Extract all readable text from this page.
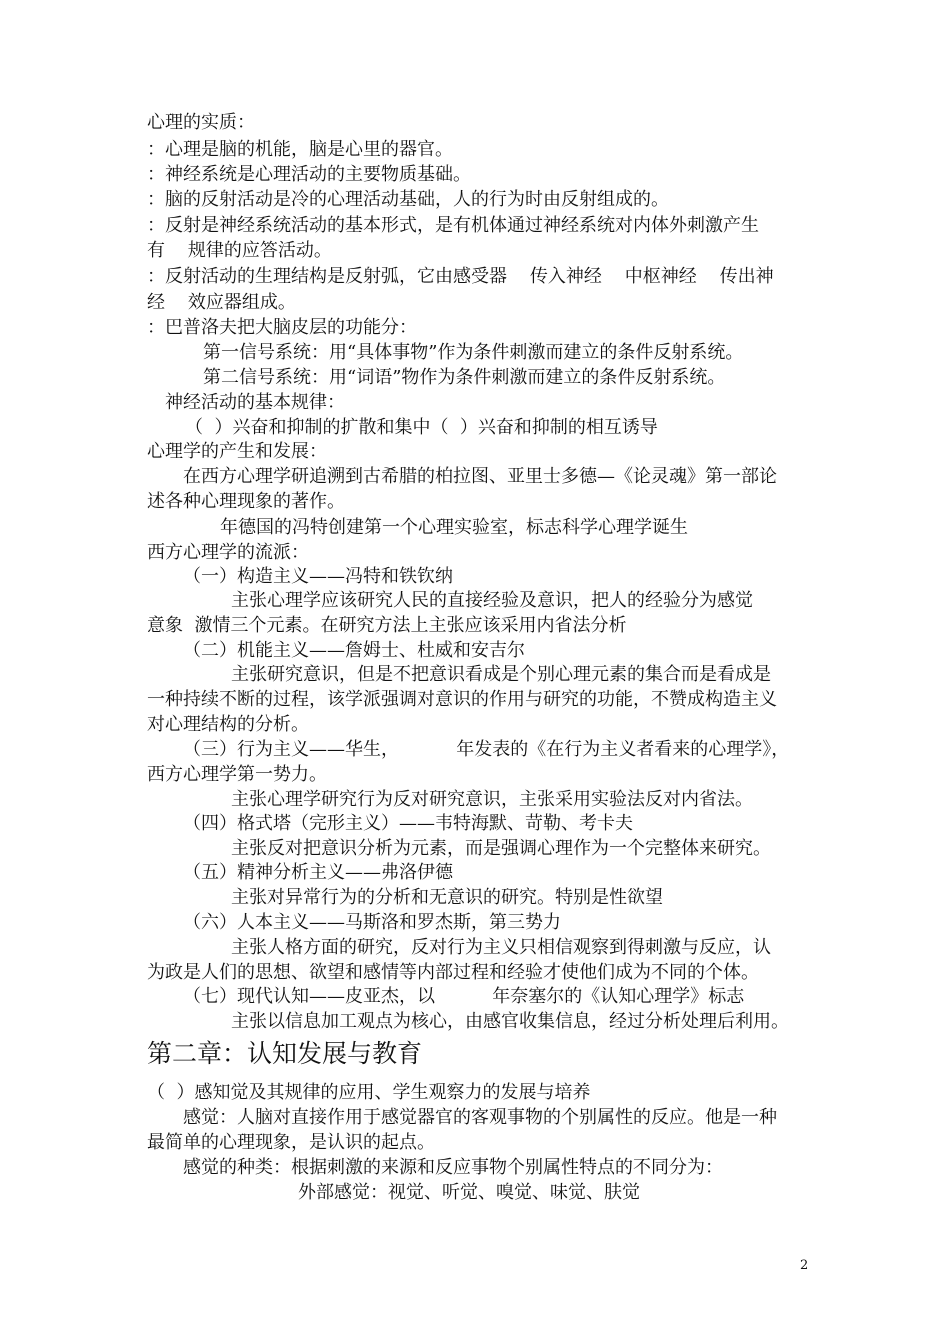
心理的实质：
：心理是脑的机能，脑是心里的器官。
：神经系统是心理活动的主要物质基础。
：脑的反射活动是冷的心理活动基础，人的行为时由反射组成的。
：反射是神经系统活动的基本形式，是有机体通过神经系统对内体外刺激产生
有    规律的应答活动。
：反射活动的生理结构是反射弧，它由感受器    传入神经    中枢神经    传出神
经    效应器组成。
：巴普洛夫把大脑皮层的功能分：
第一信号系统：用“具体事物”作为条件刺激而建立的条件反射系统。
第二信号系统：用“词语”物作为条件刺激而建立的条件反射系统。
神经活动的基本规律：
（  ）兴奋和抑制的扩散和集中（  ）兴奋和抑制的相互诱导
心理学的产生和发展：
在西方心理学研追溯到古希腊的柏拉图、亚里士多德—《论灵魂》第一部论
述各种心理现象的著作。
年德国的冯特创建第一个心理实验室，标志科学心理学诞生
西方心理学的流派：
（一）构造主义——冯特和铁钦纳
主张心理学应该研究人民的直接经验及意识，把人的经验分为感觉
意象  激情三个元素。在研究方法上主张应该采用内省法分析
（二）机能主义——詹姆士、杜威和安吉尔
主张研究意识，但是不把意识看成是个别心理元素的集合而是看成是
一种持续不断的过程，该学派强调对意识的作用与研究的功能，不赞成构造主义
对心理结构的分析。
（三）行为主义——华生，          年发表的《在行为主义者看来的心理学》，
西方心理学第一势力。
主张心理学研究行为反对研究意识，主张采用实验法反对内省法。
（四）格式塔（完形主义）——韦特海默、苛勒、考卡夫
主张反对把意识分析为元素，而是强调心理作为一个完整体来研究。
（五）精神分析主义——弗洛伊德
主张对异常行为的分析和无意识的研究。特别是性欲望
（六）人本主义——马斯洛和罗杰斯，第三势力
主张人格方面的研究，反对行为主义只相信观察到得刺激与反应，认
为政是人们的思想、欲望和感情等内部过程和经验才使他们成为不同的个体。
（七）现代认知——皮亚杰，以          年奈塞尔的《认知心理学》标志
主张以信息加工观点为核心，由感官收集信息，经过分析处理后利用。
第二章：认知发展与教育
（  ）感知觉及其规律的应用、学生观察力的发展与培养
感觉：人脑对直接作用于感觉器官的客观事物的个别属性的反应。他是一种
最简单的心理现象，是认识的起点。
感觉的种类：根据刺激的来源和反应事物个别属性特点的不同分为：
外部感觉：视觉、听觉、嗅觉、味觉、肤觉
2
